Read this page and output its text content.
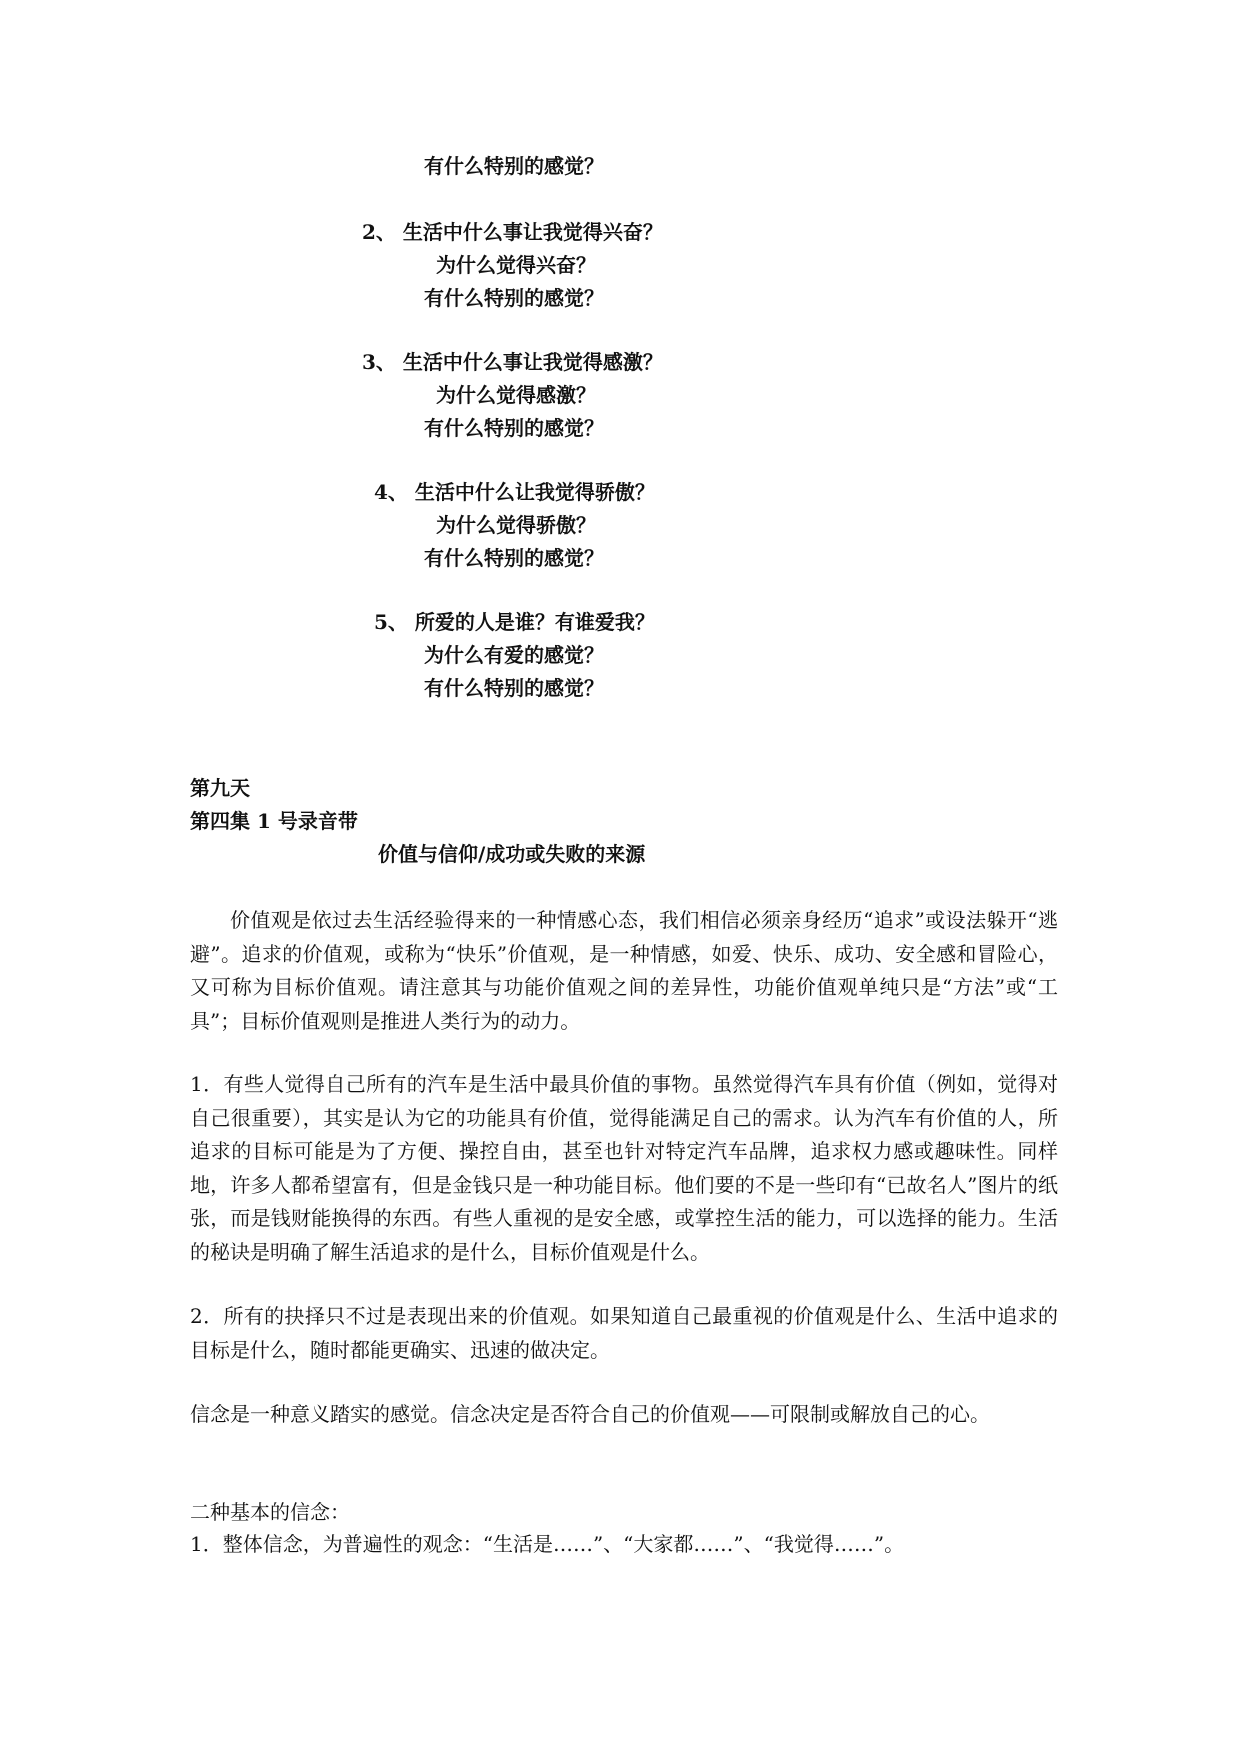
有什么特别的感觉？
2、 生活中什么事让我觉得兴奋？
为什么觉得兴奋？
有什么特别的感觉？
3、 生活中什么事让我觉得感激？
为什么觉得感激？
有什么特别的感觉？
4、 生活中什么让我觉得骄傲？
为什么觉得骄傲？
有什么特别的感觉？
5、 所爱的人是谁？有谁爱我？
为什么有爱的感觉？
有什么特别的感觉？
第九天
第四集 1 号录音带
价值与信仰/成功或失败的来源
价值观是依过去生活经验得来的一种情感心态，我们相信必须亲身经历“追求”或设法躲开“逃避”。追求的价值观，或称为“快乐”价值观，是一种情感，如爱、快乐、成功、安全感和冒险心，又可称为目标价值观。请注意其与功能价值观之间的差异性，功能价值观单纯只是“方法”或“工具”；目标价值观则是推进人类行为的动力。
1．有些人觉得自己所有的汽车是生活中最具价值的事物。虽然觉得汽车具有价值（例如，觉得对自己很重要），其实是认为它的功能具有价值，觉得能满足自己的需求。认为汽车有价值的人，所追求的目标可能是为了方便、操控自由，甚至也针对特定汽车品牌，追求权力感或趣味性。同样地，许多人都希望富有，但是金钱只是一种功能目标。他们要的不是一些印有“已故名人”图片的纸张，而是钱财能换得的东西。有些人重视的是安全感，或掌控生活的能力，可以选择的能力。生活的秘诀是明确了解生活追求的是什么，目标价值观是什么。
2．所有的抉择只不过是表现出来的价值观。如果知道自己最重视的价值观是什么、生活中追求的目标是什么，随时都能更确实、迅速的做决定。
信念是一种意义踏实的感觉。信念决定是否符合自己的价值观——可限制或解放自己的心。
二种基本的信念：
1．整体信念，为普遍性的观念：“生活是……”、“大家都……”、“我觉得……”。
